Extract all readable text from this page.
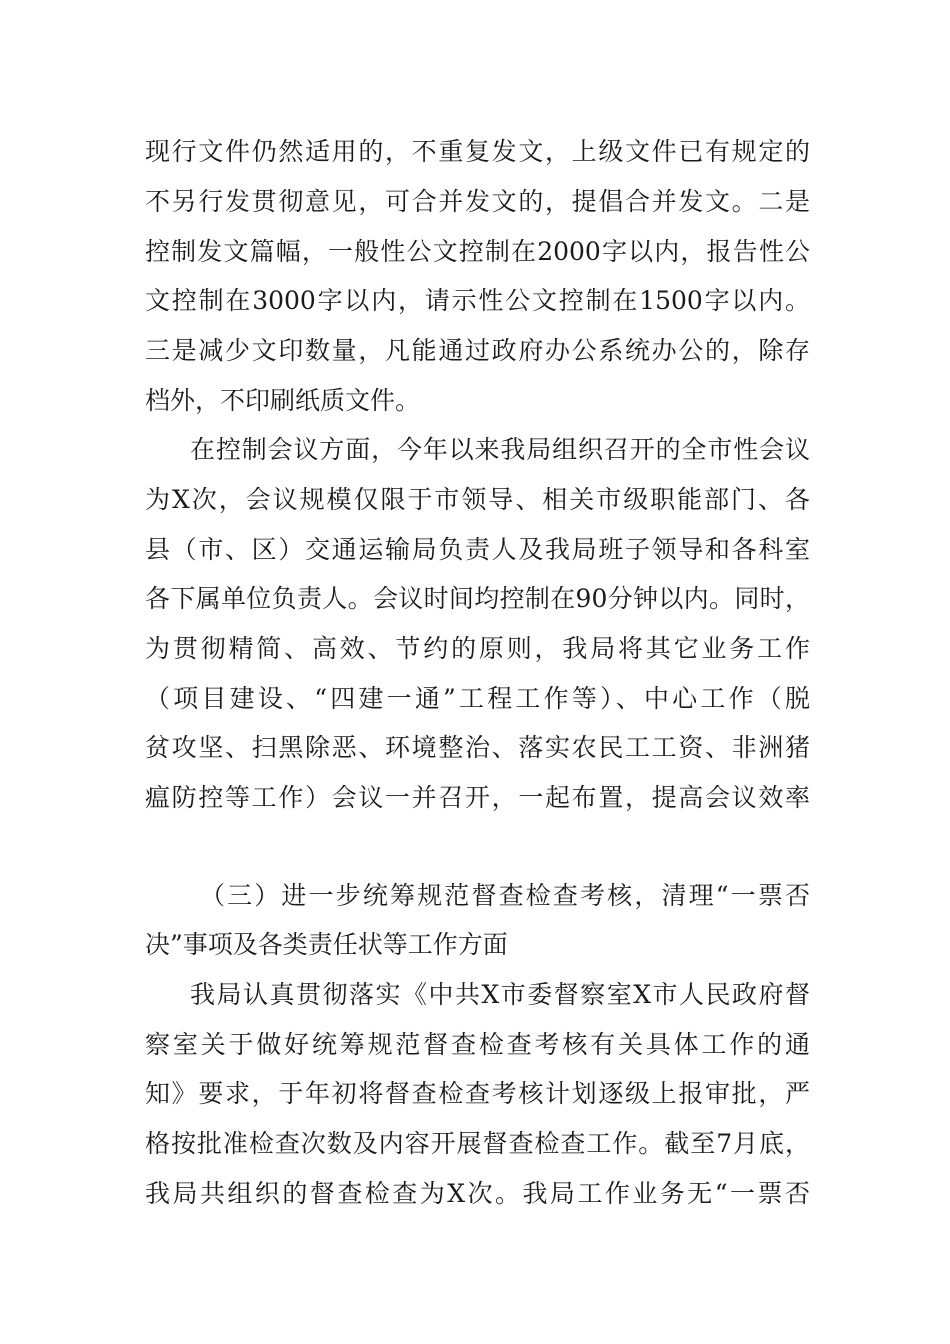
现行文件仍然适用的，不重复发文，上级文件已有规定的
不另行发贯彻意见，可合并发文的，提倡合并发文。二是
控制发文篇幅，一般性公文控制在2000字以内，报告性公
文控制在3000字以内，请示性公文控制在1500字以内。
三是减少文印数量，凡能通过政府办公系统办公的，除存
档外，不印刷纸质文件。
在控制会议方面，今年以来我局组织召开的全市性会议
为X次，会议规模仅限于市领导、相关市级职能部门、各
县（市、区）交通运输局负责人及我局班子领导和各科室
各下属单位负责人。会议时间均控制在90分钟以内。同时，
为贯彻精简、高效、节约的原则，我局将其它业务工作
（项目建设、“四建一通”工程工作等）、中心工作（脱
贫攻坚、扫黑除恶、环境整治、落实农民工工资、非洲猪
瘟防控等工作）会议一并召开，一起布置，提高会议效率
（三）进一步统筹规范督查检查考核，清理“一票否
决”事项及各类责任状等工作方面
我局认真贯彻落实《中共X市委督察室X市人民政府督
察室关于做好统筹规范督查检查考核有关具体工作的通
知》要求，于年初将督查检查考核计划逐级上报审批，严
格按批准检查次数及内容开展督查检查工作。截至7月底，
我局共组织的督查检查为X次。我局工作业务无“一票否
